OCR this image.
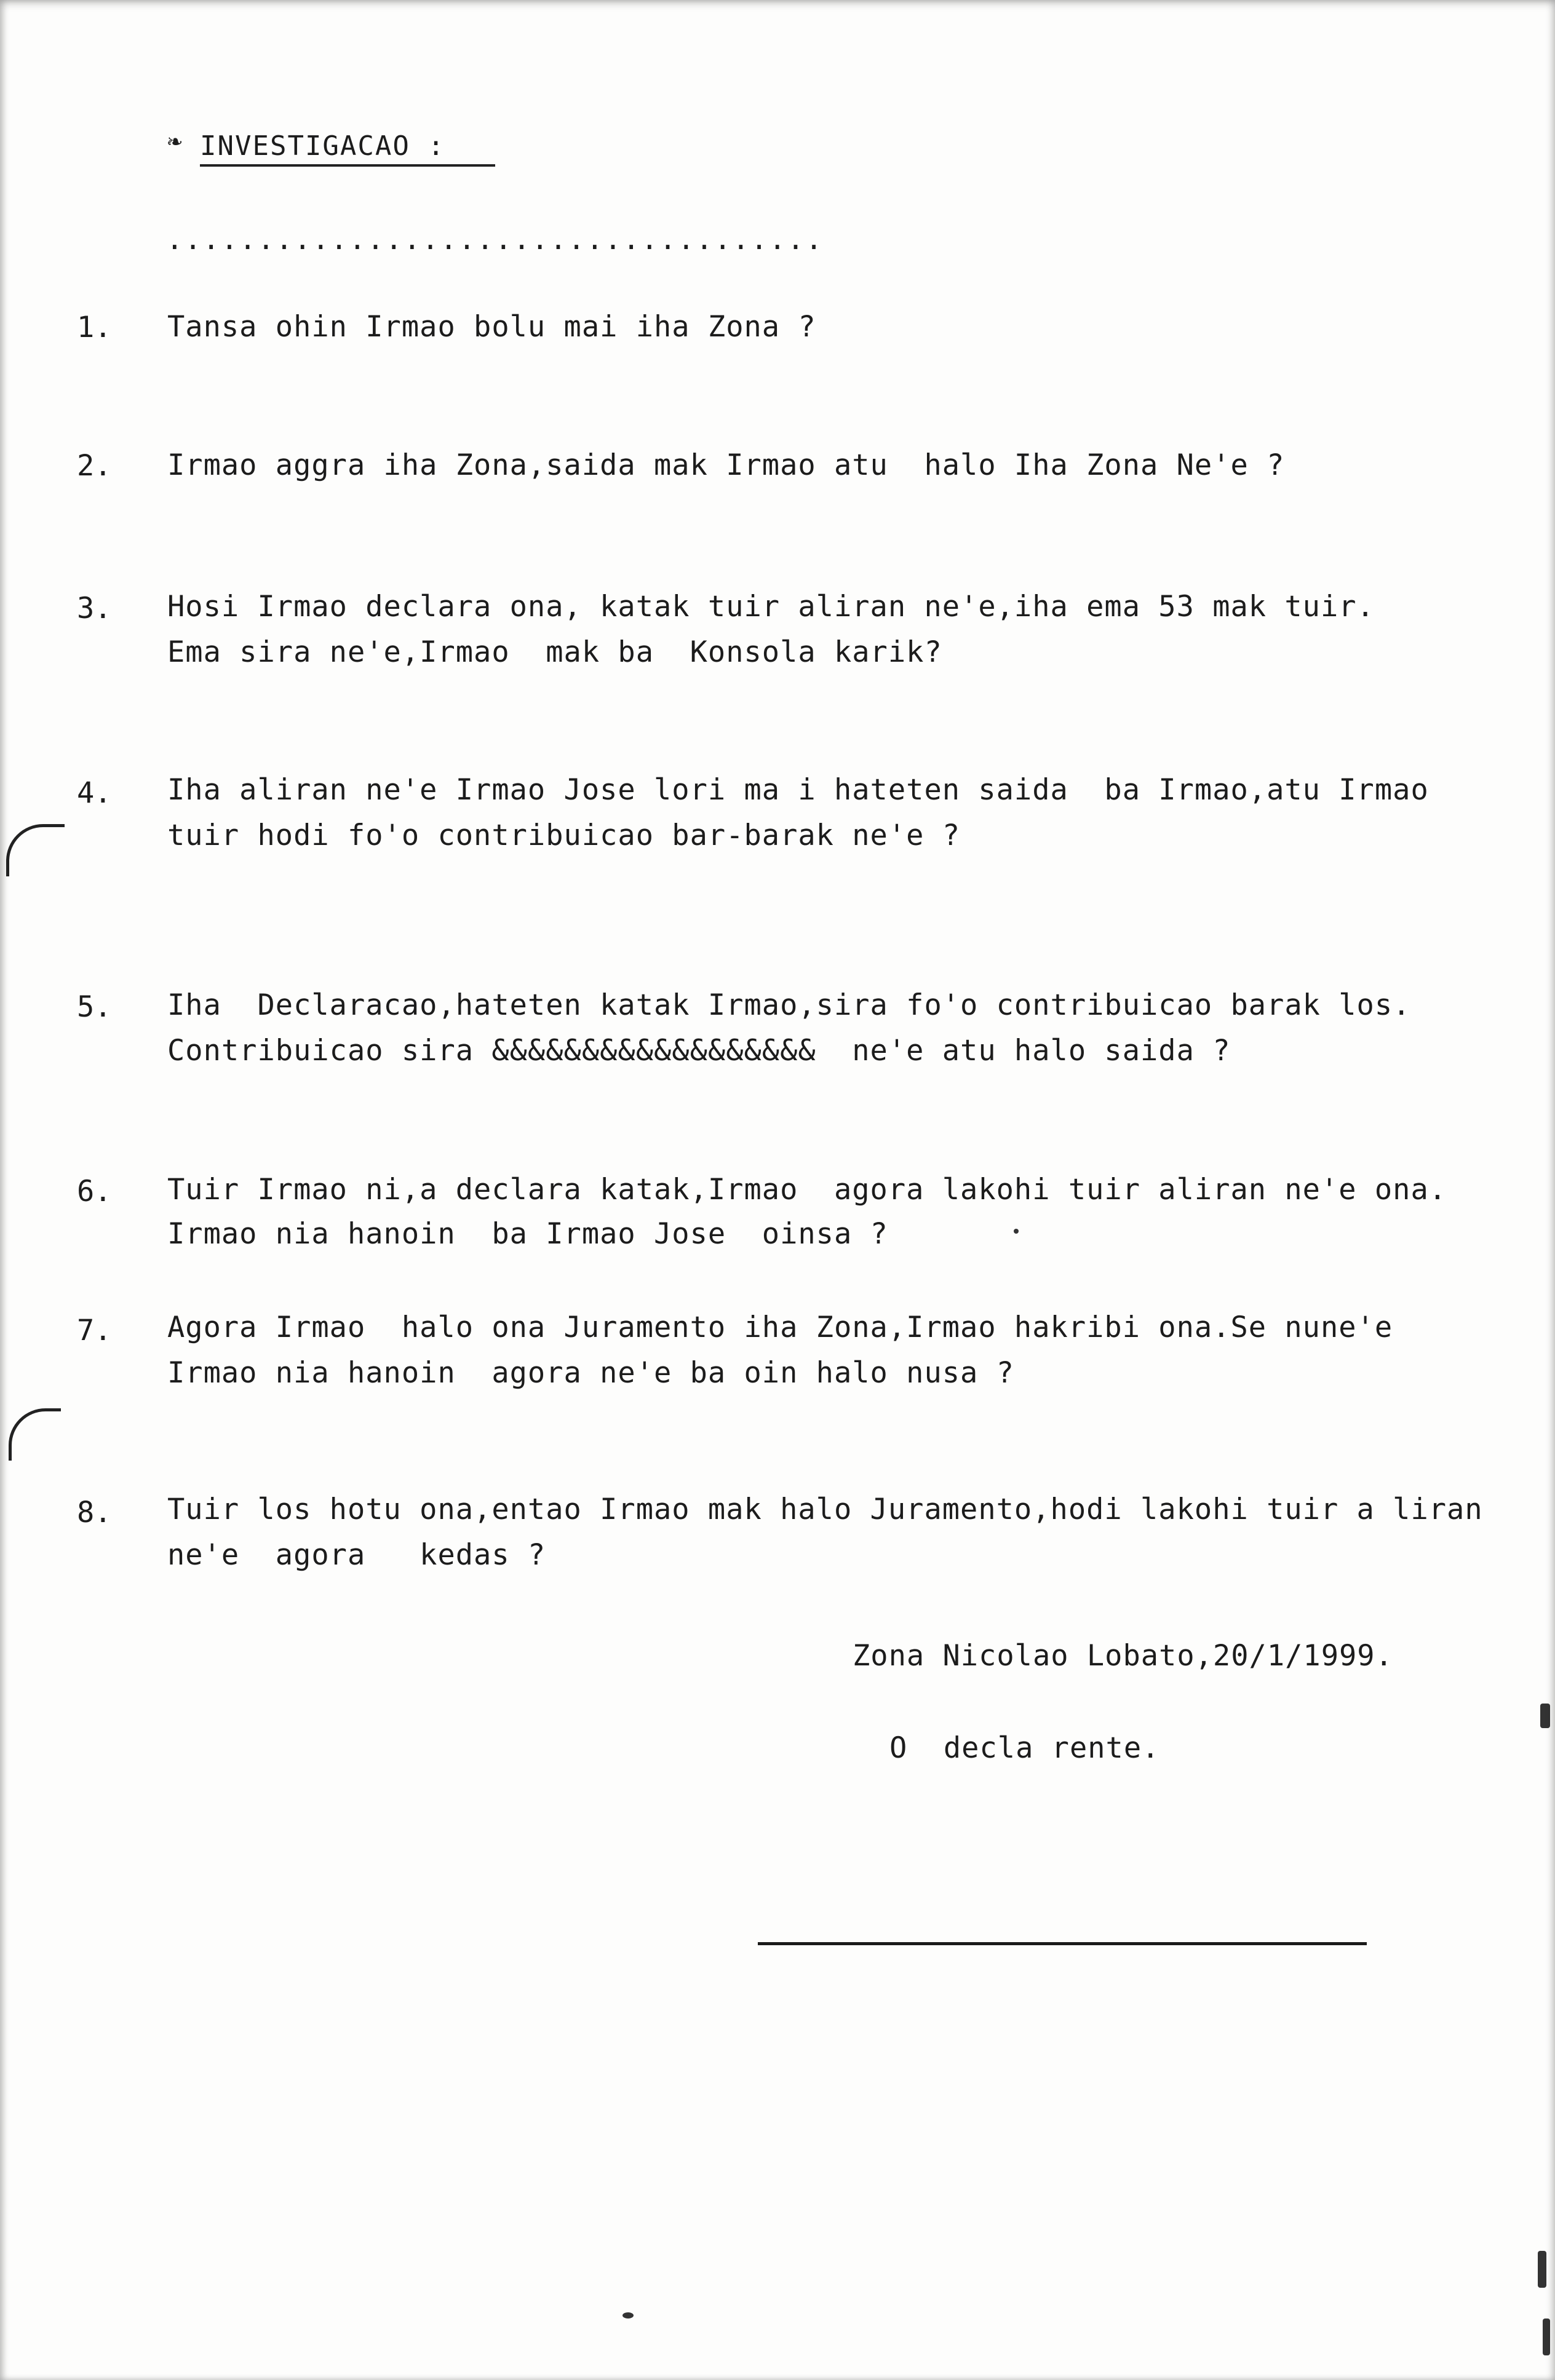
❧ INVESTIGACAO :
....................................
1. Tansa ohin Irmao bolu mai iha Zona ?
2. Irmao aggra iha Zona,saida mak Irmao atu  halo Iha Zona Ne'e ?
3. Hosi Irmao declara ona, katak tuir aliran ne'e,iha ema 53 mak tuir.
Ema sira ne'e,Irmao  mak ba  Konsola karik?
4. Iha aliran ne'e Irmao Jose lori ma i hateten saida  ba Irmao,atu Irmao
tuir hodi fo'o contribuicao bar-barak ne'e ?
5. Iha  Declaracao,hateten katak Irmao,sira fo'o contribuicao barak los.
Contribuicao sira &&&&&&&&&&&&&&&&&&  ne'e atu halo saida ?
6. Tuir Irmao ni,a declara katak,Irmao  agora lakohi tuir aliran ne'e ona.
Irmao nia hanoin  ba Irmao Jose  oinsa ?
7. Agora Irmao  halo ona Juramento iha Zona,Irmao hakribi ona.Se nune'e
Irmao nia hanoin  agora ne'e ba oin halo nusa ?
8. Tuir los hotu ona,entao Irmao mak halo Juramento,hodi lakohi tuir a liran
ne'e  agora   kedas ?
Zona Nicolao Lobato,20/1/1999.
O  decla rente.
